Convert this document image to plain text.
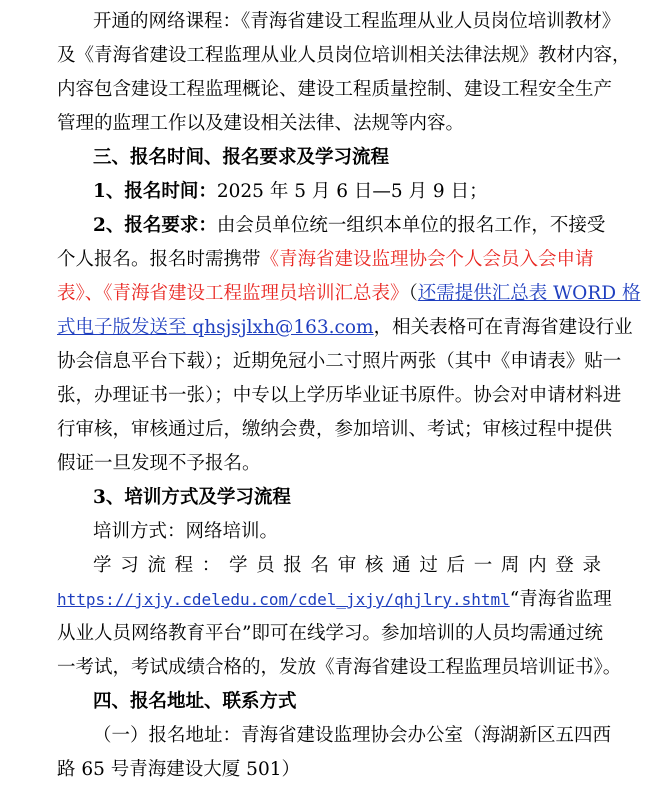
开通的网络课程：《青海省建设工程监理从业人员岗位培训教材》
及《青海省建设工程监理从业人员岗位培训相关法律法规》教材内容，
内容包含建设工程监理概论、建设工程质量控制、建设工程安全生产
管理的监理工作以及建设相关法律、法规等内容。
三、报名时间、报名要求及学习流程
1、报名时间：2025 年 5 月 6 日—5 月 9 日；
2、报名要求：由会员单位统一组织本单位的报名工作，不接受
个人报名。报名时需携带《青海省建设监理协会个人会员入会申请
表》、《青海省建设工程监理员培训汇总表》（还需提供汇总表 WORD 格
式电子版发送至 qhsjsjlxh@163.com，相关表格可在青海省建设行业
协会信息平台下载）；近期免冠小二寸照片两张（其中《申请表》贴一
张，办理证书一张）；中专以上学历毕业证书原件。协会对申请材料进
行审核，审核通过后，缴纳会费，参加培训、考试；审核过程中提供
假证一旦发现不予报名。
3、培训方式及学习流程
培训方式：网络培训。
学习流程：学员报名审核通过后一周内登录
https://jxjy.cdeledu.com/cdel_jxjy/qhjlry.shtml“青海省监理
从业人员网络教育平台”即可在线学习。参加培训的人员均需通过统
一考试，考试成绩合格的，发放《青海省建设工程监理员培训证书》。
四、报名地址、联系方式
（一）报名地址：青海省建设监理协会办公室（海湖新区五四西
路 65 号青海建设大厦 501）
